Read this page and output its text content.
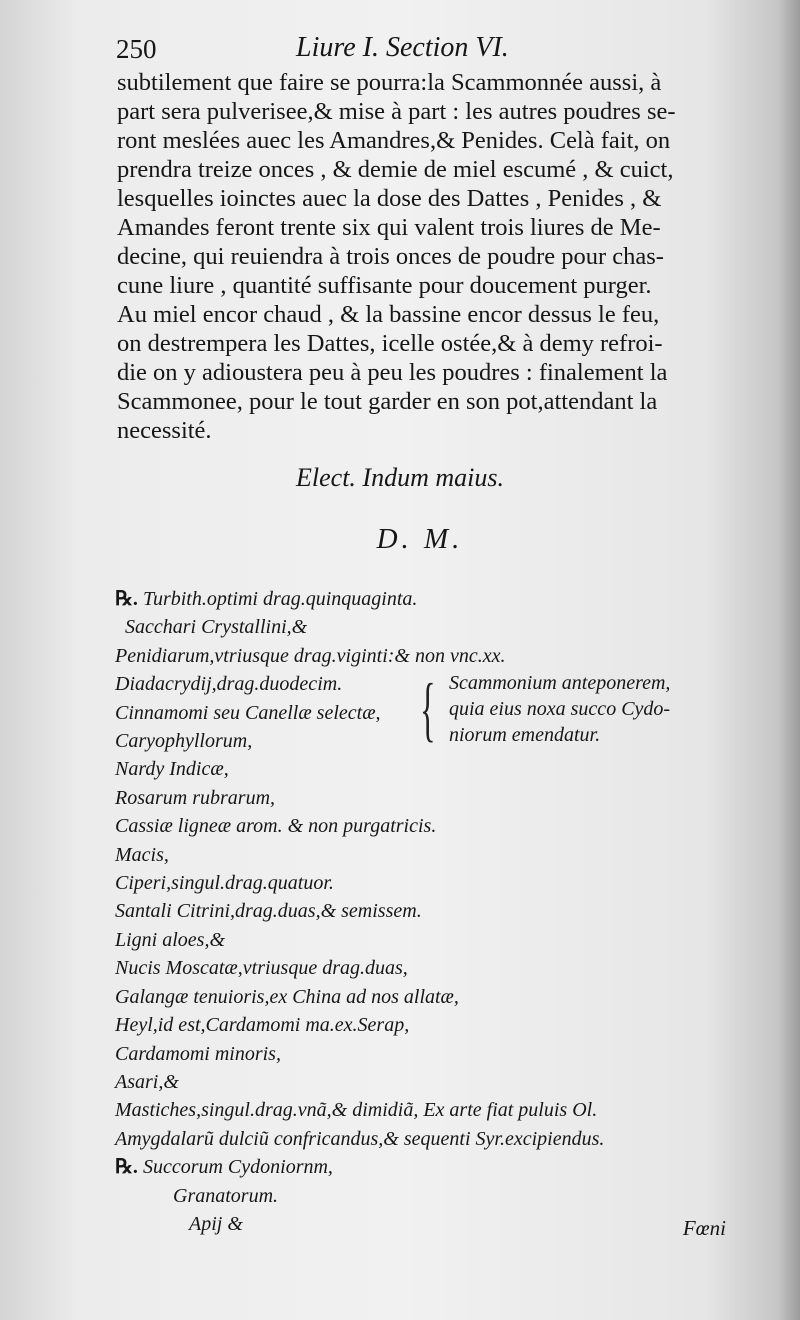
250	Liure I. Section VI.
subtilement que faire se pourra:la Scammonnée aussi, à
part sera pulverisee,& mise à part : les autres poudres se-
ront meslées auec les Amandres,& Penides. Celà fait, on
prendra treize onces , & demie de miel escumé , & cuict,
lesquelles ioinctes auec la dose des Dattes , Penides , &
Amandes feront trente six qui valent trois liures de Me-
decine, qui reuiendra à trois onces de poudre pour chas-
cune liure , quantité suffisante pour doucement purger.
Au miel encor chaud , & la bassine encor dessus le feu,
on destrempera les Dattes, icelle ostée,& à demy refroi-
die on y adioustera peu à peu les poudres : finalement la
Scammonee, pour le tout garder en son pot,attendant la
necessité.
Elect. Indum maius.
D. M.
℞. Turbith.optimi drag.quinquaginta.
Sacchari Crystallini,&
Penidiarum,vtriusque drag.viginti:& non vnc.xx.
Diadacrydij,drag.duodecim.
Cinnamomi seu Canellæ selectæ,
Caryophyllorum,
Nardy Indicæ,
Rosarum rubrarum,
Cassiæ ligneæ arom. & non purgatricis.
Macis,
Ciperi,singul.drag.quatuor.
Santali Citrini,drag.duas,& semissem.
Ligni aloes,&
Nucis Moscatæ,vtriusque drag.duas,
Galangæ tenuioris,ex China ad nos allatæ,
Heyl,id est,Cardamomi ma.ex.Serap,
Cardamomi minoris,
Asari,&
Mastiches,singul.drag.vnã,& dimidiã, Ex arte fiat puluis Ol.
Amygdalarũ dulciũ confricandus,& sequenti Syr.excipiendus.
℞. Succorum Cydoniornm,
Granatorum.
Apij &
{ Scammonium anteponerem,
quia eius noxa succo Cydo-
niorum emendatur.
Fœni
